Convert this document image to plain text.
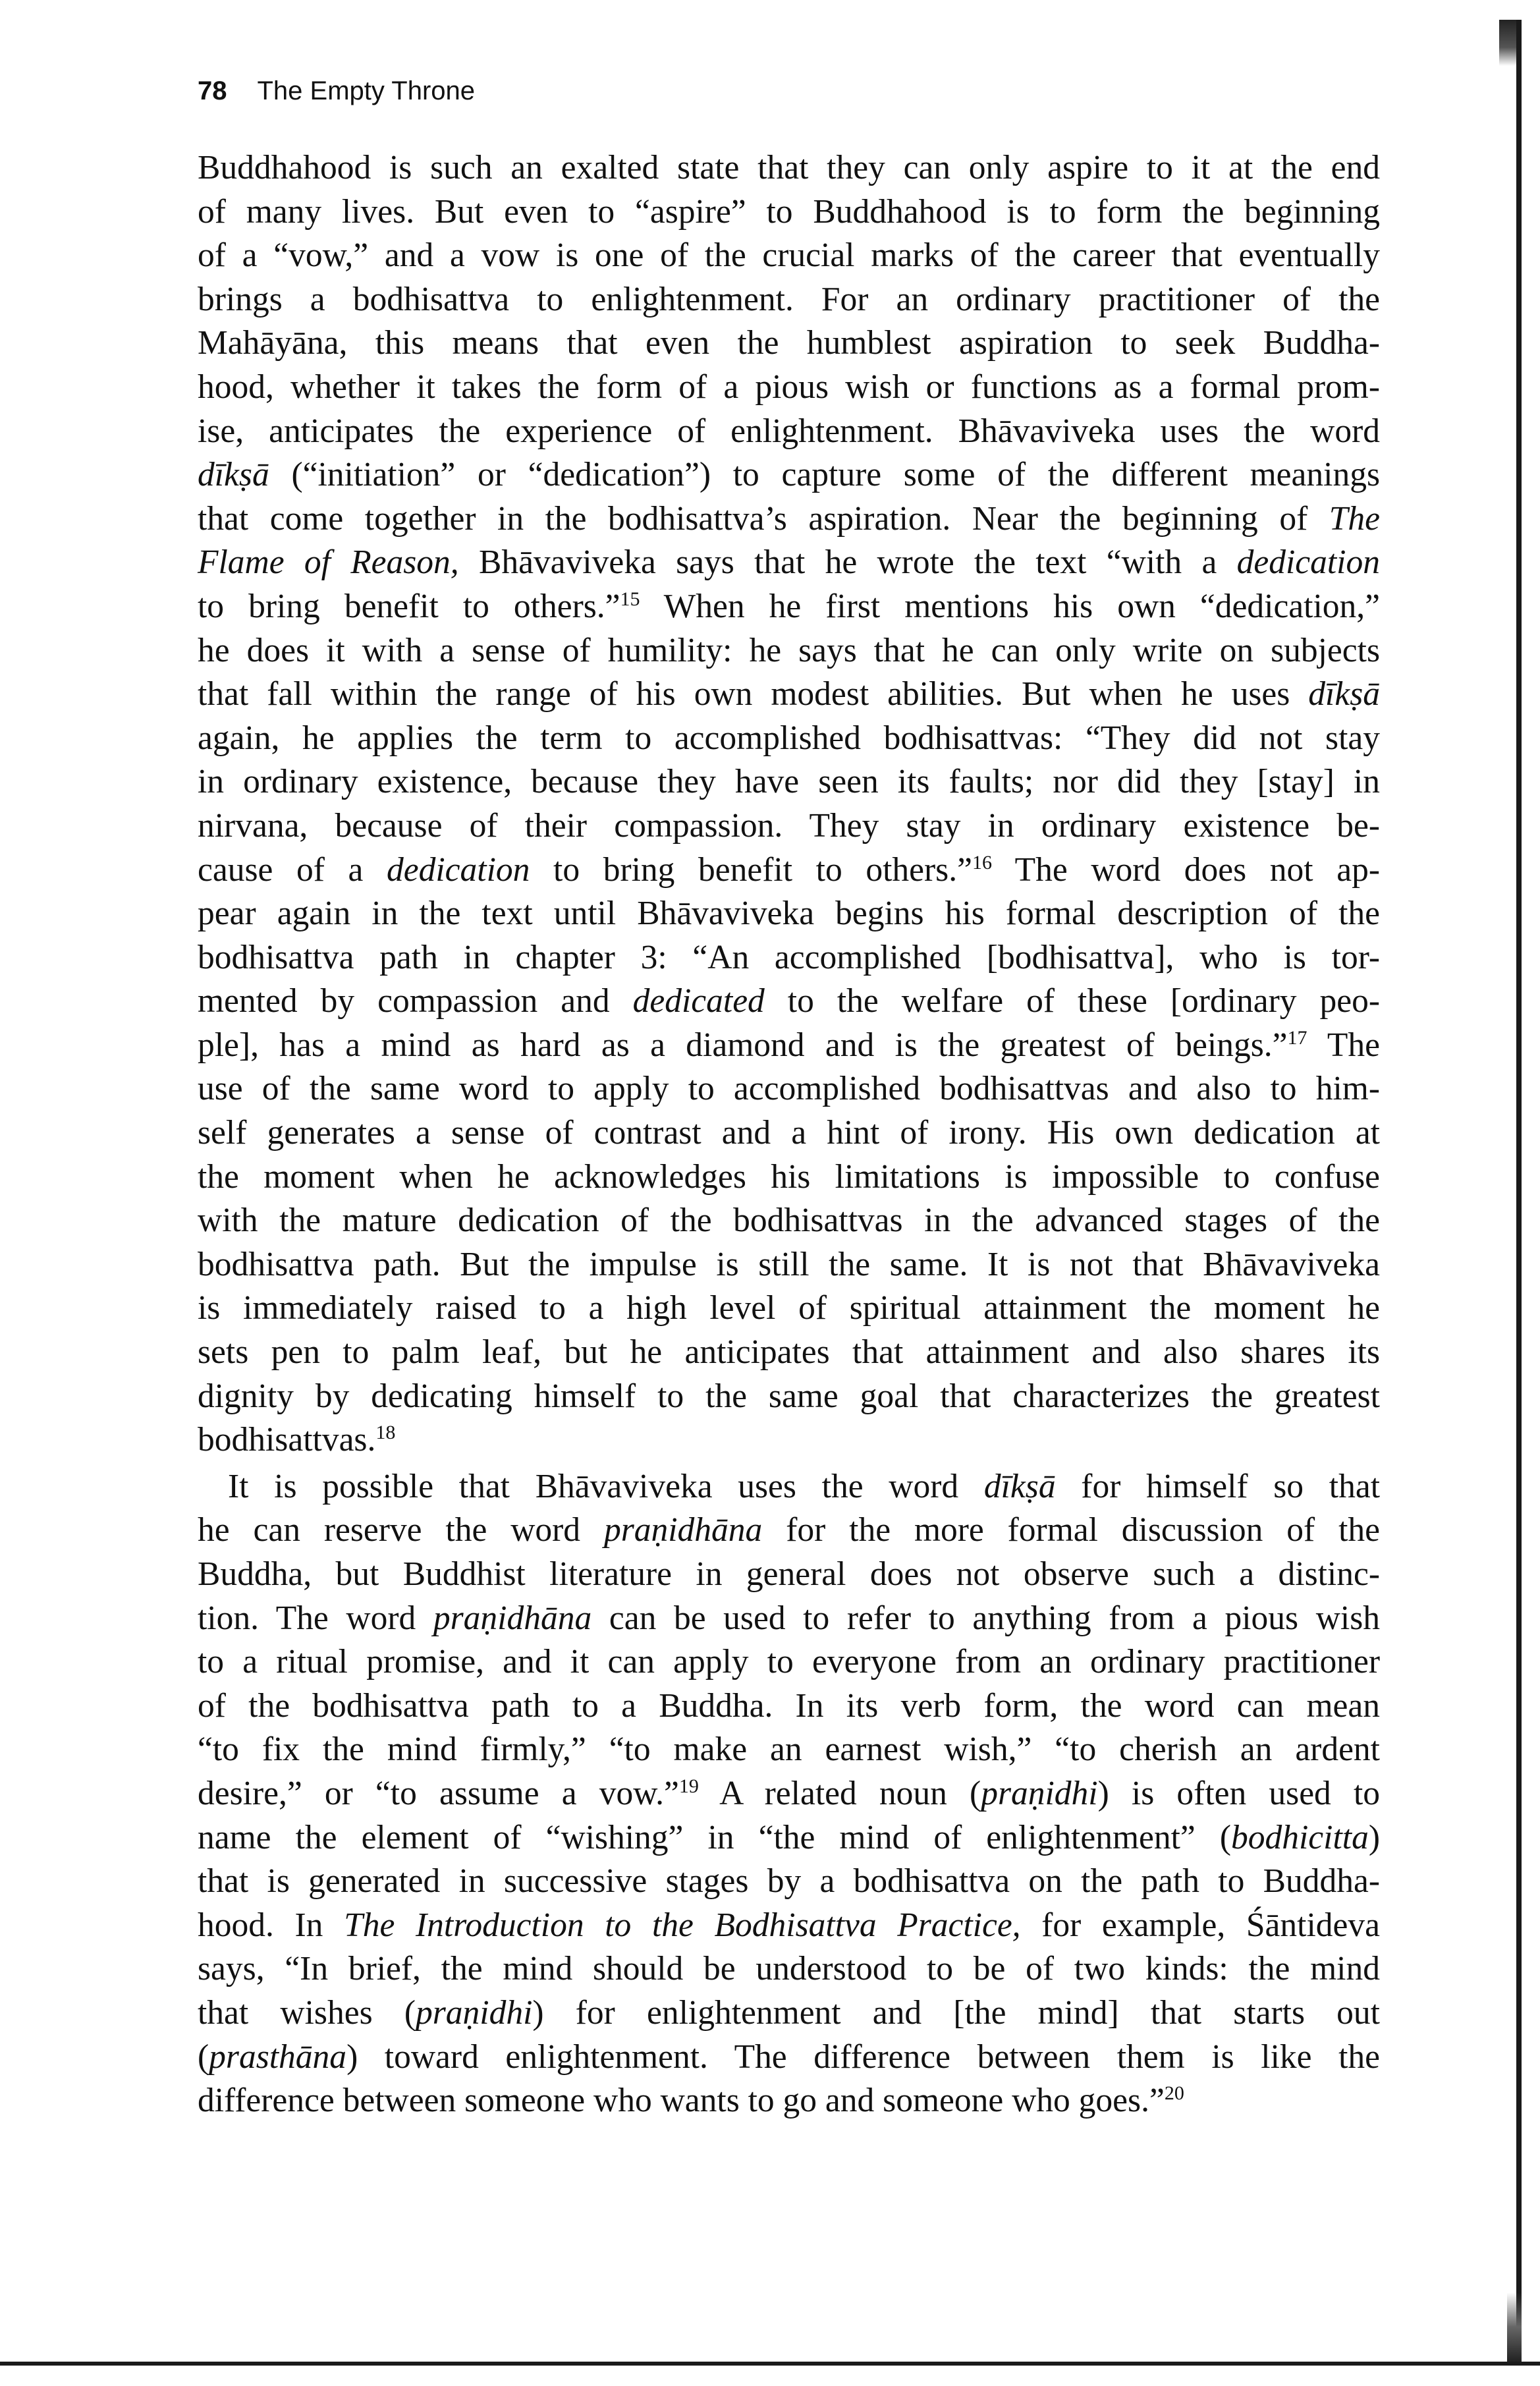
78 The Empty Throne
Buddhahood is such an exalted state that they can only aspire to it at the end
of many lives. But even to “aspire” to Buddhahood is to form the beginning
of a “vow,” and a vow is one of the crucial marks of the career that eventually
brings a bodhisattva to enlightenment. For an ordinary practitioner of the
Mahāyāna, this means that even the humblest aspiration to seek Buddha-
hood, whether it takes the form of a pious wish or functions as a formal prom-
ise, anticipates the experience of enlightenment. Bhāvaviveka uses the word
dīkṣā (“initiation” or “dedication”) to capture some of the different meanings
that come together in the bodhisattva’s aspiration. Near the beginning of The
Flame of Reason, Bhāvaviveka says that he wrote the text “with a dedication
to bring benefit to others.”$^{15}$ When he first mentions his own “dedication,”
he does it with a sense of humility: he says that he can only write on subjects
that fall within the range of his own modest abilities. But when he uses dīkṣā
again, he applies the term to accomplished bodhisattvas: “They did not stay
in ordinary existence, because they have seen its faults; nor did they [stay] in
nirvana, because of their compassion. They stay in ordinary existence be-
cause of a dedication to bring benefit to others.”$^{16}$ The word does not ap-
pear again in the text until Bhāvaviveka begins his formal description of the
bodhisattva path in chapter 3: “An accomplished [bodhisattva], who is tor-
mented by compassion and dedicated to the welfare of these [ordinary peo-
ple], has a mind as hard as a diamond and is the greatest of beings.”$^{17}$ The
use of the same word to apply to accomplished bodhisattvas and also to him-
self generates a sense of contrast and a hint of irony. His own dedication at
the moment when he acknowledges his limitations is impossible to confuse
with the mature dedication of the bodhisattvas in the advanced stages of the
bodhisattva path. But the impulse is still the same. It is not that Bhāvaviveka
is immediately raised to a high level of spiritual attainment the moment he
sets pen to palm leaf, but he anticipates that attainment and also shares its
dignity by dedicating himself to the same goal that characterizes the greatest
bodhisattvas.$^{18}$
It is possible that Bhāvaviveka uses the word dīkṣā for himself so that
he can reserve the word praṇidhāna for the more formal discussion of the
Buddha, but Buddhist literature in general does not observe such a distinc-
tion. The word praṇidhāna can be used to refer to anything from a pious wish
to a ritual promise, and it can apply to everyone from an ordinary practitioner
of the bodhisattva path to a Buddha. In its verb form, the word can mean
“to fix the mind firmly,” “to make an earnest wish,” “to cherish an ardent
desire,” or “to assume a vow.”$^{19}$ A related noun (praṇidhi) is often used to
name the element of “wishing” in “the mind of enlightenment” (bodhicitta)
that is generated in successive stages by a bodhisattva on the path to Buddha-
hood. In The Introduction to the Bodhisattva Practice, for example, Śāntideva
says, “In brief, the mind should be understood to be of two kinds: the mind
that wishes (praṇidhi) for enlightenment and [the mind] that starts out
(prasthāna) toward enlightenment. The difference between them is like the
difference between someone who wants to go and someone who goes.”$^{20}$
